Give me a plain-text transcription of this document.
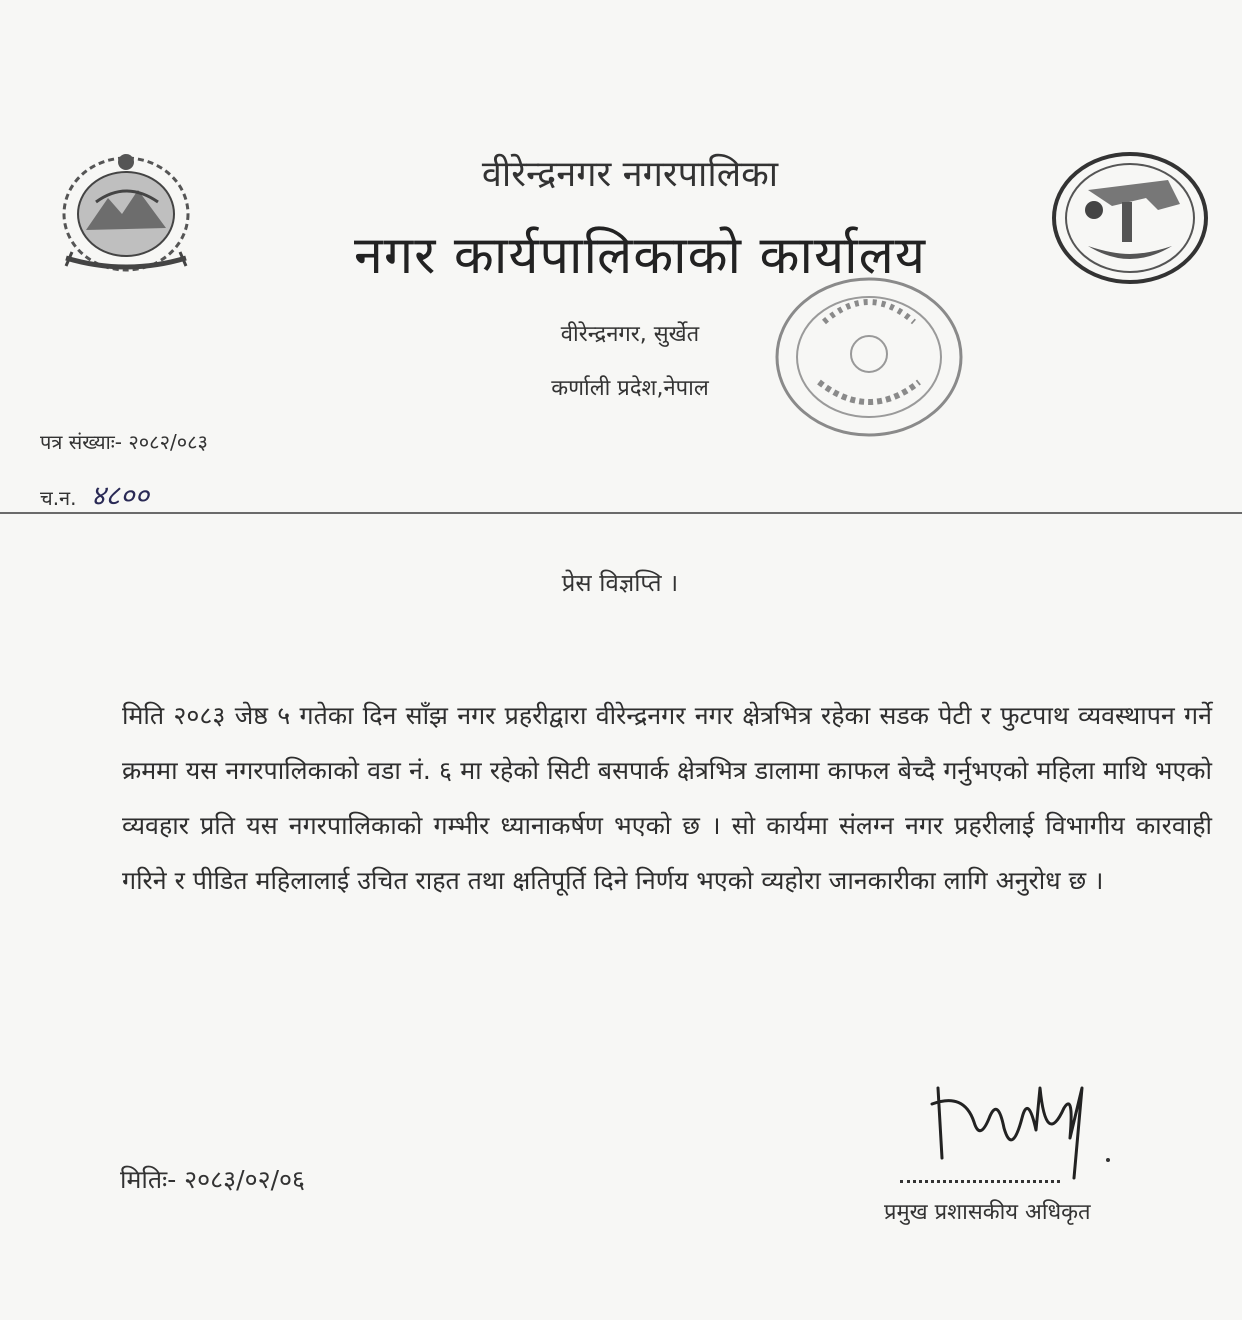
वीरेन्द्रनगर नगरपालिका
नगर कार्यपालिकाको कार्यालय
वीरेन्द्रनगर, सुर्खेत
कर्णाली प्रदेश,नेपाल
पत्र संख्याः- २०८२/०८३
च.न. ४८००
प्रेस विज्ञप्ति ।
मिति २०८३ जेष्ठ ५ गतेका दिन साँझ नगर प्रहरीद्वारा वीरेन्द्रनगर नगर क्षेत्रभित्र रहेका सडक पेटी र फुटपाथ व्यवस्थापन गर्ने क्रममा यस नगरपालिकाको वडा नं. ६ मा रहेको सिटी बसपार्क क्षेत्रभित्र डालामा काफल बेच्दै गर्नुभएको महिला माथि भएको व्यवहार प्रति यस नगरपालिकाको गम्भीर ध्यानाकर्षण भएको छ । सो कार्यमा संलग्न नगर प्रहरीलाई विभागीय कारवाही गरिने र पीडित महिलालाई उचित राहत तथा क्षतिपूर्ति दिने निर्णय भएको व्यहोरा जानकारीका लागि अनुरोध छ ।
मितिः- २०८३/०२/०६
प्रमुख प्रशासकीय अधिकृत
